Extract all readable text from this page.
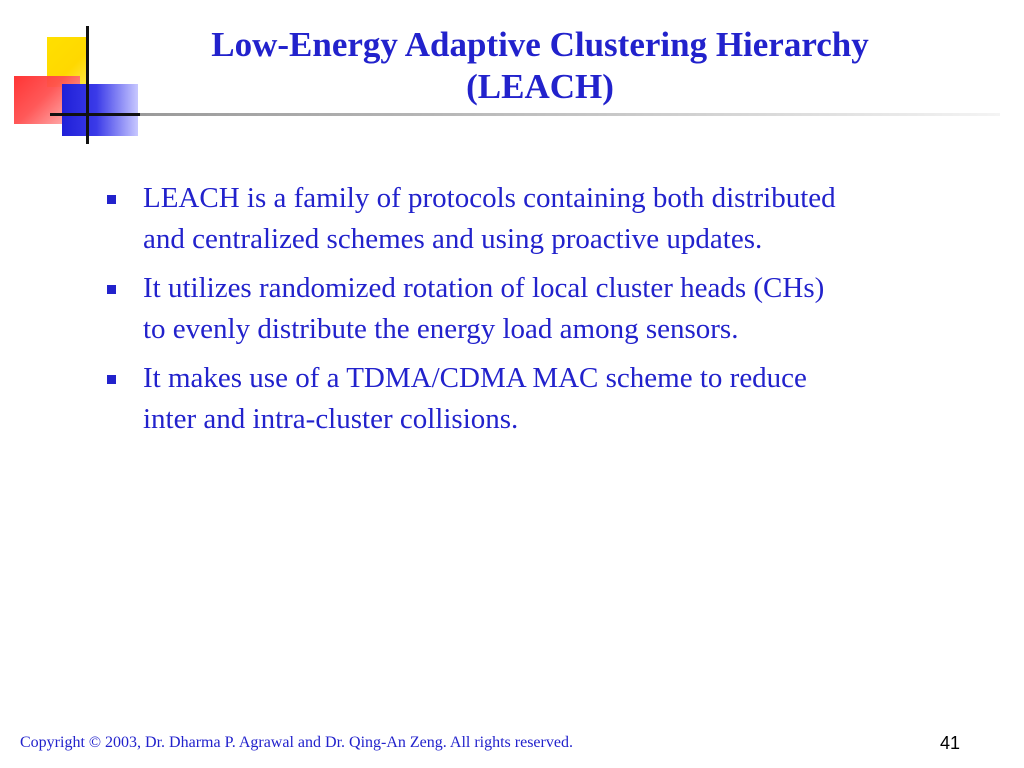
Low-Energy Adaptive Clustering Hierarchy
(LEACH)
LEACH is a family of protocols containing both distributed
and centralized schemes and using proactive updates.
It utilizes randomized rotation of local cluster heads (CHs)
to evenly distribute the energy load among sensors.
It makes use of a TDMA/CDMA MAC scheme to reduce
inter and intra-cluster collisions.
Copyright © 2003, Dr. Dharma P. Agrawal and Dr. Qing-An Zeng. All rights reserved.	41
